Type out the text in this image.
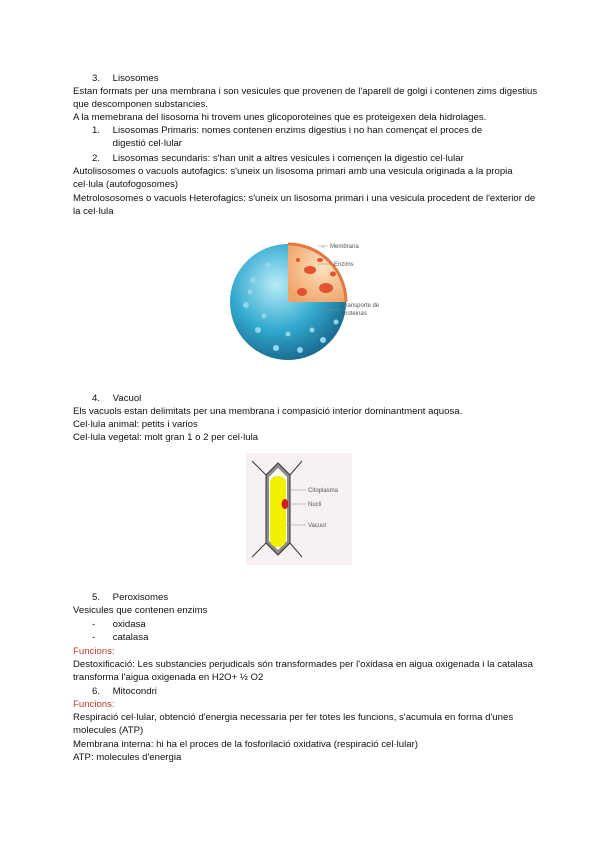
3. Lisosomes
Estan formats per una membrana i son vesicules que provenen de l'aparell de golgi i contenen zims digestius que descomponen substancies.
A la memebrana del lisosoma hi trovem unes glicoporoteines que es proteigexen dela hidrolages.
1. Lisosomas Primaris: nomes contenen enzims digestius i no han començat el proces de digestió cel·lular
2. Lisosomas secundaris: s'han unit a altres vesicules i començen la digestio cel·lular
Autolisosomes o vacuols autofagics: s'uneix un lisosoma primari amb una vesicula originada a la propia cel·lula (autofogosomes)
Metrolososomes o vacuols Heterofagics: s'uneix un lisosoma primari i una vesicula procedent de l'exterior de la cel·lula
Membrana
Enzims
Transporte de proteinas
4. Vacuol
Els vacuols estan delimitats per una membrana i compasició interior dominantment aquosa.
Cel·lula animal: petits i varios
Cel·lula vegetal: molt gran 1 o 2 per cel·lula
Citoplasma
Nucli
Vacuol
5. Peroxisomes
Vesicules que contenen enzims
- oxidasa
- catalasa
Funcions:
Destoxificació: Les substancies perjudicals són transformades per l'oxidasa en aigua oxigenada i la catalasa transforma l'aigua oxigenada en H2O+ ½ O2
6. Mitocondri
Funcions:
Respiració cel·lular, obtenció d'energia necessaria per fer totes les funcions, s'acumula en forma d'unes molecules (ATP)
Membrana interna: hi ha el proces de la fosforilació oxidativa (respiració cel·lular)
ATP: molecules d'energia
